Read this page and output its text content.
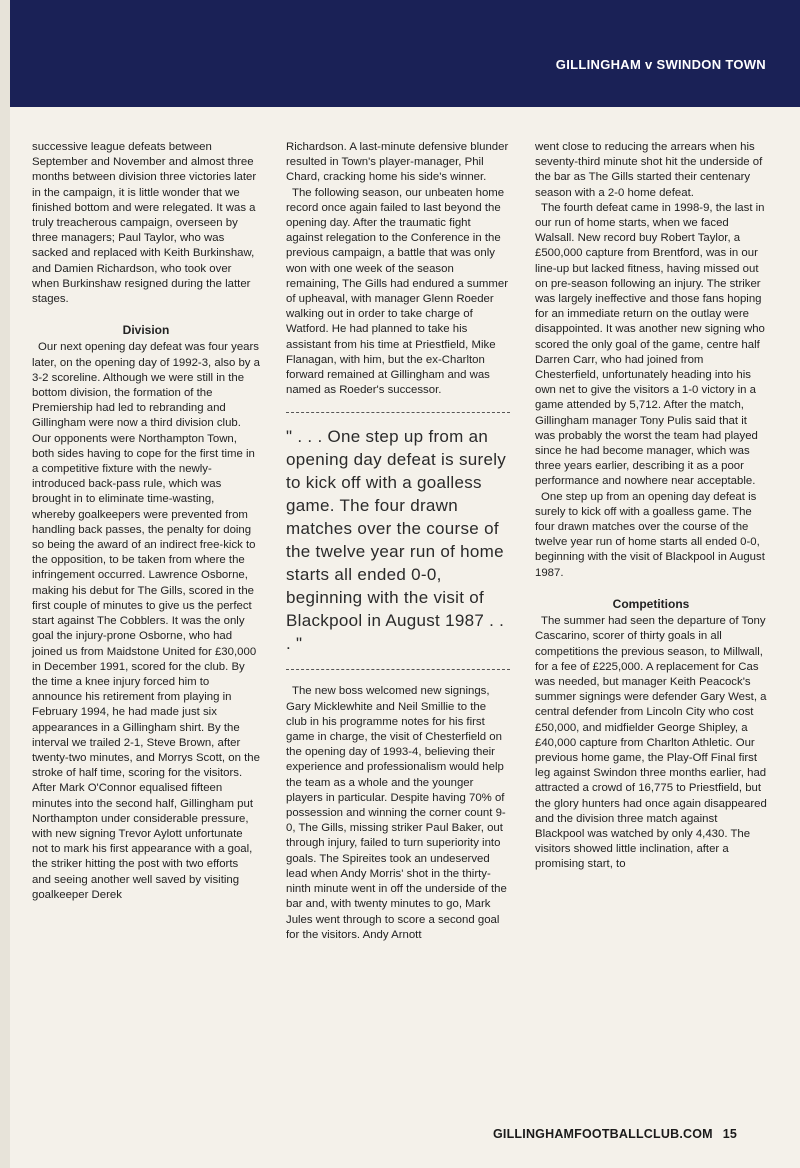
GILLINGHAM v SWINDON TOWN

successive league defeats between September and November and almost three months between division three victories later in the campaign, it is little wonder that we finished bottom and were relegated. It was a truly treacherous campaign, overseen by three managers; Paul Taylor, who was sacked and replaced with Keith Burkinshaw, and Damien Richardson, who took over when Burkinshaw resigned during the latter stages.

Division

Our next opening day defeat was four years later, on the opening day of 1992-3, also by a 3-2 scoreline. Although we were still in the bottom division, the formation of the Premiership had led to rebranding and Gillingham were now a third division club. Our opponents were Northampton Town, both sides having to cope for the first time in a competitive fixture with the newly-introduced back-pass rule, which was brought in to eliminate time-wasting, whereby goalkeepers were prevented from handling back passes, the penalty for doing so being the award of an indirect free-kick to the opposition, to be taken from where the infringement occurred. Lawrence Osborne, making his debut for The Gills, scored in the first couple of minutes to give us the perfect start against The Cobblers. It was the only goal the injury-prone Osborne, who had joined us from Maidstone United for £30,000 in December 1991, scored for the club. By the time a knee injury forced him to announce his retirement from playing in February 1994, he had made just six appearances in a Gillingham shirt. By the interval we trailed 2-1, Steve Brown, after twenty-two minutes, and Morrys Scott, on the stroke of half time, scoring for the visitors. After Mark O'Connor equalised fifteen minutes into the second half, Gillingham put Northampton under considerable pressure, with new signing Trevor Aylott unfortunate not to mark his first appearance with a goal, the striker hitting the post with two efforts and seeing another well saved by visiting goalkeeper Derek

Richardson. A last-minute defensive blunder resulted in Town's player-manager, Phil Chard, cracking home his side's winner.

The following season, our unbeaten home record once again failed to last beyond the opening day. After the traumatic fight against relegation to the Conference in the previous campaign, a battle that was only won with one week of the season remaining, The Gills had endured a summer of upheaval, with manager Glenn Roeder walking out in order to take charge of Watford. He had planned to take his assistant from his time at Priestfield, Mike Flanagan, with him, but the ex-Charlton forward remained at Gillingham and was named as Roeder's successor.

" . . . One step up from an opening day defeat is surely to kick off with a goalless game. The four drawn matches over the course of the twelve year run of home starts all ended 0-0, beginning with the visit of Blackpool in August 1987 . . . "

The new boss welcomed new signings, Gary Micklewhite and Neil Smillie to the club in his programme notes for his first game in charge, the visit of Chesterfield on the opening day of 1993-4, believing their experience and professionalism would help the team as a whole and the younger players in particular. Despite having 70% of possession and winning the corner count 9-0, The Gills, missing striker Paul Baker, out through injury, failed to turn superiority into goals. The Spireites took an undeserved lead when Andy Morris' shot in the thirty-ninth minute went in off the underside of the bar and, with twenty minutes to go, Mark Jules went through to score a second goal for the visitors. Andy Arnott

went close to reducing the arrears when his seventy-third minute shot hit the underside of the bar as The Gills started their centenary season with a 2-0 home defeat.

The fourth defeat came in 1998-9, the last in our run of home starts, when we faced Walsall. New record buy Robert Taylor, a £500,000 capture from Brentford, was in our line-up but lacked fitness, having missed out on pre-season following an injury. The striker was largely ineffective and those fans hoping for an immediate return on the outlay were disappointed. It was another new signing who scored the only goal of the game, centre half Darren Carr, who had joined from Chesterfield, unfortunately heading into his own net to give the visitors a 1-0 victory in a game attended by 5,712. After the match, Gillingham manager Tony Pulis said that it was probably the worst the team had played since he had become manager, which was three years earlier, describing it as a poor performance and nowhere near acceptable.

One step up from an opening day defeat is surely to kick off with a goalless game. The four drawn matches over the course of the twelve year run of home starts all ended 0-0, beginning with the visit of Blackpool in August 1987.

Competitions

The summer had seen the departure of Tony Cascarino, scorer of thirty goals in all competitions the previous season, to Millwall, for a fee of £225,000. A replacement for Cas was needed, but manager Keith Peacock's summer signings were defender Gary West, a central defender from Lincoln City who cost £50,000, and midfielder George Shipley, a £40,000 capture from Charlton Athletic. Our previous home game, the Play-Off Final first leg against Swindon three months earlier, had attracted a crowd of 16,775 to Priestfield, but the glory hunters had once again disappeared and the division three match against Blackpool was watched by only 4,430. The visitors showed little inclination, after a promising start, to

GILLINGHAMFOOTBALLCLUB.COM 15
